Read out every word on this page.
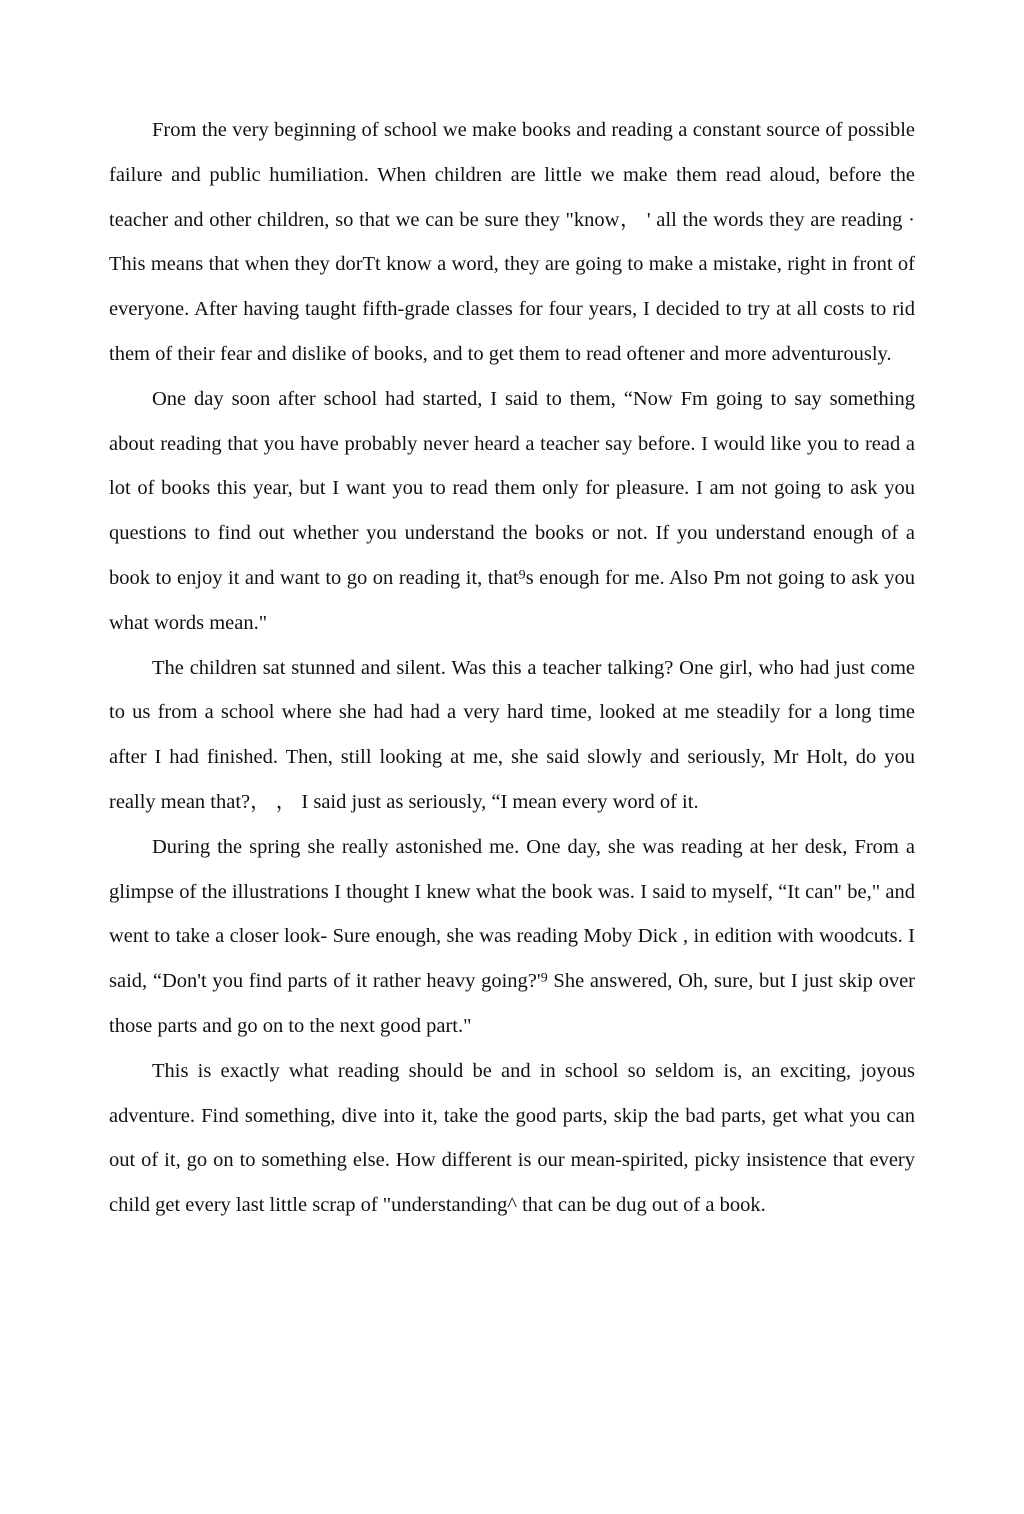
From the very beginning of school we make books and reading a constant source of possible failure and public humiliation. When children are little we make them read aloud, before the teacher and other children, so that we can be sure they "know， ' all the words they are reading · This means that when they dorTt know a word, they are going to make a mistake, right in front of everyone. After having taught fifth-grade classes for four years, I decided to try at all costs to rid them of their fear and dislike of books, and to get them to read oftener and more adventurously.

One day soon after school had started, I said to them, “Now Fm going to say something about reading that you have probably never heard a teacher say before. I would like you to read a lot of books this year, but I want you to read them only for pleasure. I am not going to ask you questions to find out whether you understand the books or not. If you understand enough of a book to enjoy it and want to go on reading it, that⁹s enough for me. Also Pm not going to ask you what words mean."

The children sat stunned and silent. Was this a teacher talking? One girl, who had just come to us from a school where she had had a very hard time, looked at me steadily for a long time after I had finished. Then, still looking at me, she said slowly and seriously, Mr Holt, do you really mean that?， ， I said just as seriously, “I mean every word of it.

During the spring she really astonished me. One day, she was reading at her desk, From a glimpse of the illustrations I thought I knew what the book was. I said to myself, “It can" be," and went to take a closer look- Sure enough, she was reading Moby Dick , in edition with woodcuts. I said, “Don't you find parts of it rather heavy going?'⁹ She answered, Oh, sure, but I just skip over those parts and go on to the next good part."

This is exactly what reading should be and in school so seldom is, an exciting, joyous adventure. Find something, dive into it, take the good parts, skip the bad parts, get what you can out of it, go on to something else. How different is our mean-spirited, picky insistence that every child get every last little scrap of "understanding^ that can be dug out of a book.
